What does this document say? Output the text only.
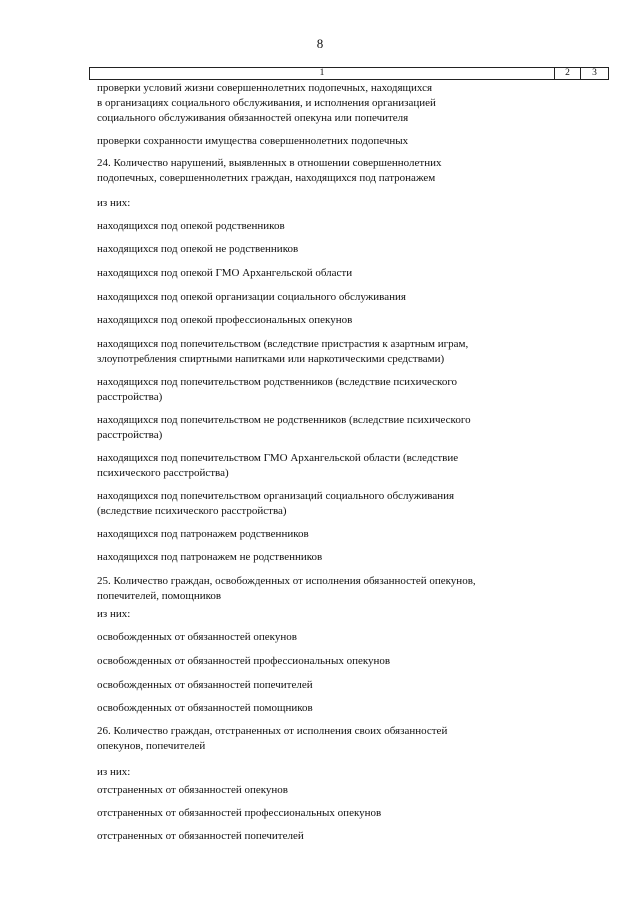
8
1	2	3

проверки условий жизни совершеннолетних подопечных, находящихся
в организациях социального обслуживания, и исполнения организацией
социального обслуживания обязанностей опекуна или попечителя

проверки сохранности имущества совершеннолетних подопечных

24. Количество нарушений, выявленных в отношении совершеннолетних
подопечных, совершеннолетних граждан, находящихся под патронажем

из них:

находящихся под опекой родственников

находящихся под опекой не родственников

находящихся под опекой ГМО Архангельской области

находящихся под опекой организации социального обслуживания

находящихся под опекой профессиональных опекунов

находящихся под попечительством (вследствие пристрастия к азартным играм,
злоупотребления спиртными напитками или наркотическими средствами)

находящихся под попечительством родственников (вследствие психического
расстройства)

находящихся под попечительством не родственников (вследствие психического
расстройства)

находящихся под попечительством ГМО Архангельской области (вследствие
психического расстройства)

находящихся под попечительством организаций социального обслуживания
(вследствие психического расстройства)

находящихся под патронажем родственников

находящихся под патронажем не родственников

25. Количество граждан, освобожденных от исполнения обязанностей опекунов,
попечителей, помощников

из них:

освобожденных от обязанностей опекунов

освобожденных от обязанностей профессиональных опекунов

освобожденных от обязанностей попечителей

освобожденных от обязанностей помощников

26. Количество граждан, отстраненных от исполнения своих обязанностей
опекунов, попечителей

из них:

отстраненных от обязанностей опекунов

отстраненных от обязанностей профессиональных опекунов

отстраненных от обязанностей попечителей
